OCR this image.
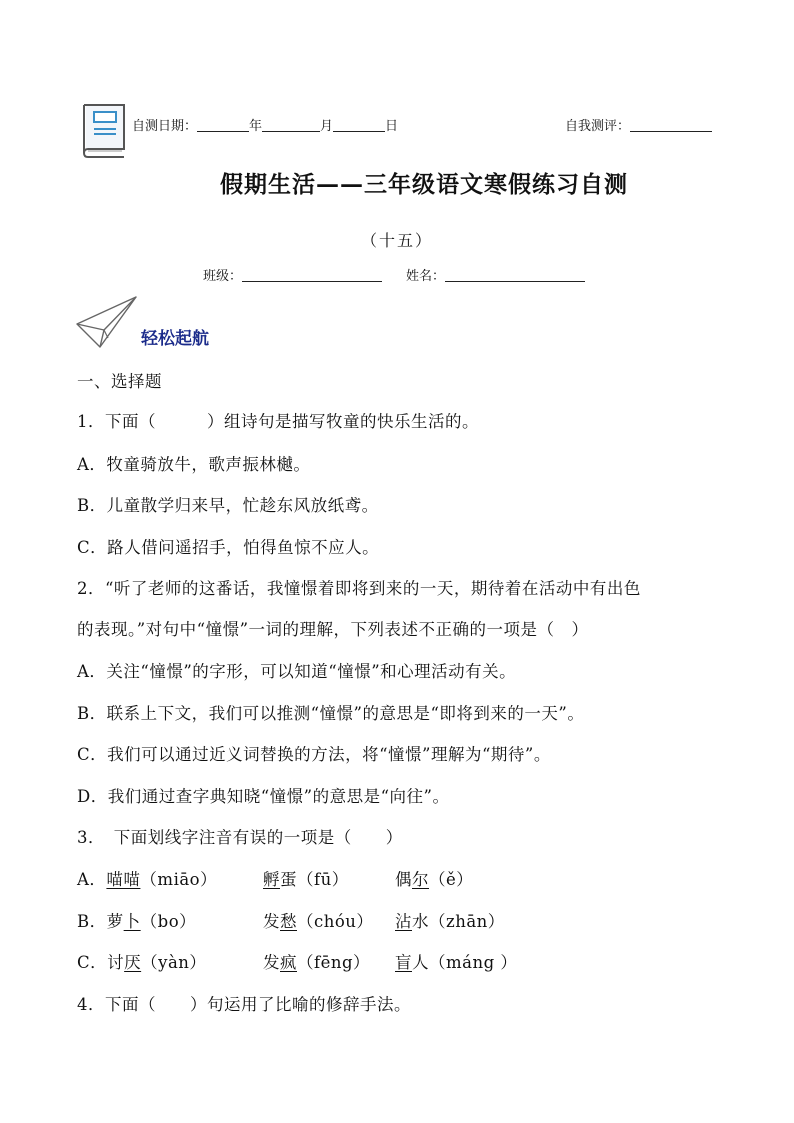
自测日期：	年	月	日	自我测评：
假期生活——三年级语文寒假练习自测
（十五）
班级：	姓名：
轻松起航
一、选择题
1．下面（　　　）组诗句是描写牧童的快乐生活的。
A．牧童骑放牛，歌声振林樾。
B．儿童散学归来早，忙趁东风放纸鸢。
C．路人借问遥招手，怕得鱼惊不应人。
2．“听了老师的这番话，我憧憬着即将到来的一天，期待着在活动中有出色
的表现。”对句中“憧憬”一词的理解，下列表述不正确的一项是（　）
A．关注“憧憬”的字形，可以知道“憧憬”和心理活动有关。
B．联系上下文，我们可以推测“憧憬”的意思是“即将到来的一天”。
C．我们可以通过近义词替换的方法，将“憧憬”理解为“期待”。
D．我们通过查字典知晓“憧憬”的意思是“向往”。
3．　下面划线字注音有误的一项是（　　）
A．喵喵（miāo）	孵蛋（fū）	偶尔（ě）
B．萝卜（bo）	发愁（chóu） 沾水（zhān）
C．讨厌（yàn）	发疯（fēng） 盲人（máng ）
4．下面（　　）句运用了比喻的修辞手法。
